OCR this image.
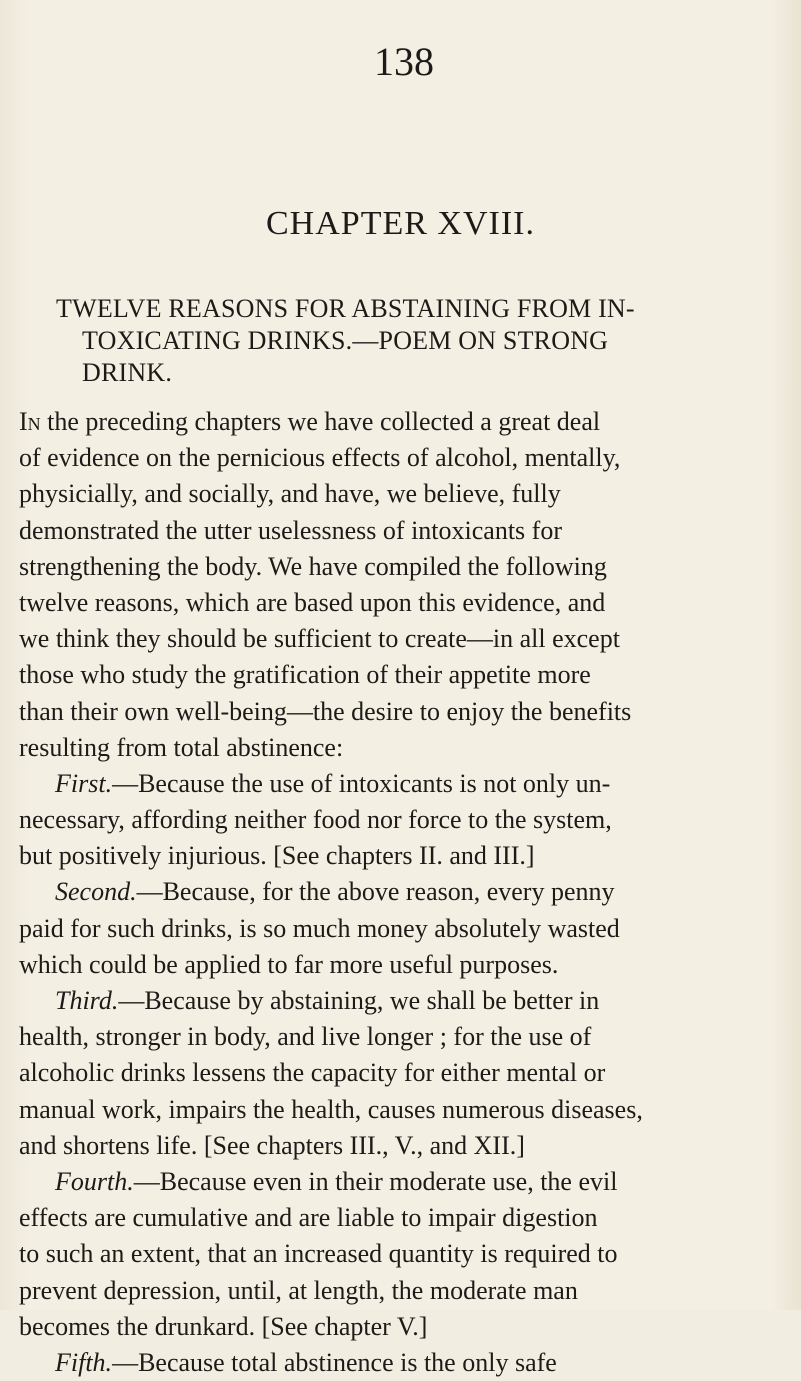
138
CHAPTER XVIII.
TWELVE REASONS FOR ABSTAINING FROM IN-
TOXICATING DRINKS.—POEM ON STRONG
DRINK.
In the preceding chapters we have collected a great deal
of evidence on the pernicious effects of alcohol, mentally,
physicially, and socially, and have, we believe, fully
demonstrated the utter uselessness of intoxicants for
strengthening the body. We have compiled the following
twelve reasons, which are based upon this evidence, and
we think they should be sufficient to create—in all except
those who study the gratification of their appetite more
than their own well-being—the desire to enjoy the benefits
resulting from total abstinence:
First.—Because the use of intoxicants is not only un-
necessary, affording neither food nor force to the system,
but positively injurious. [See chapters II. and III.]
Second.—Because, for the above reason, every penny
paid for such drinks, is so much money absolutely wasted
which could be applied to far more useful purposes.
Third.—Because by abstaining, we shall be better in
health, stronger in body, and live longer ; for the use of
alcoholic drinks lessens the capacity for either mental or
manual work, impairs the health, causes numerous diseases,
and shortens life. [See chapters III., V., and XII.]
Fourth.—Because even in their moderate use, the evil
effects are cumulative and are liable to impair digestion
to such an extent, that an increased quantity is required to
prevent depression, until, at length, the moderate man
becomes the drunkard. [See chapter V.]
Fifth.—Because total abstinence is the only safe
